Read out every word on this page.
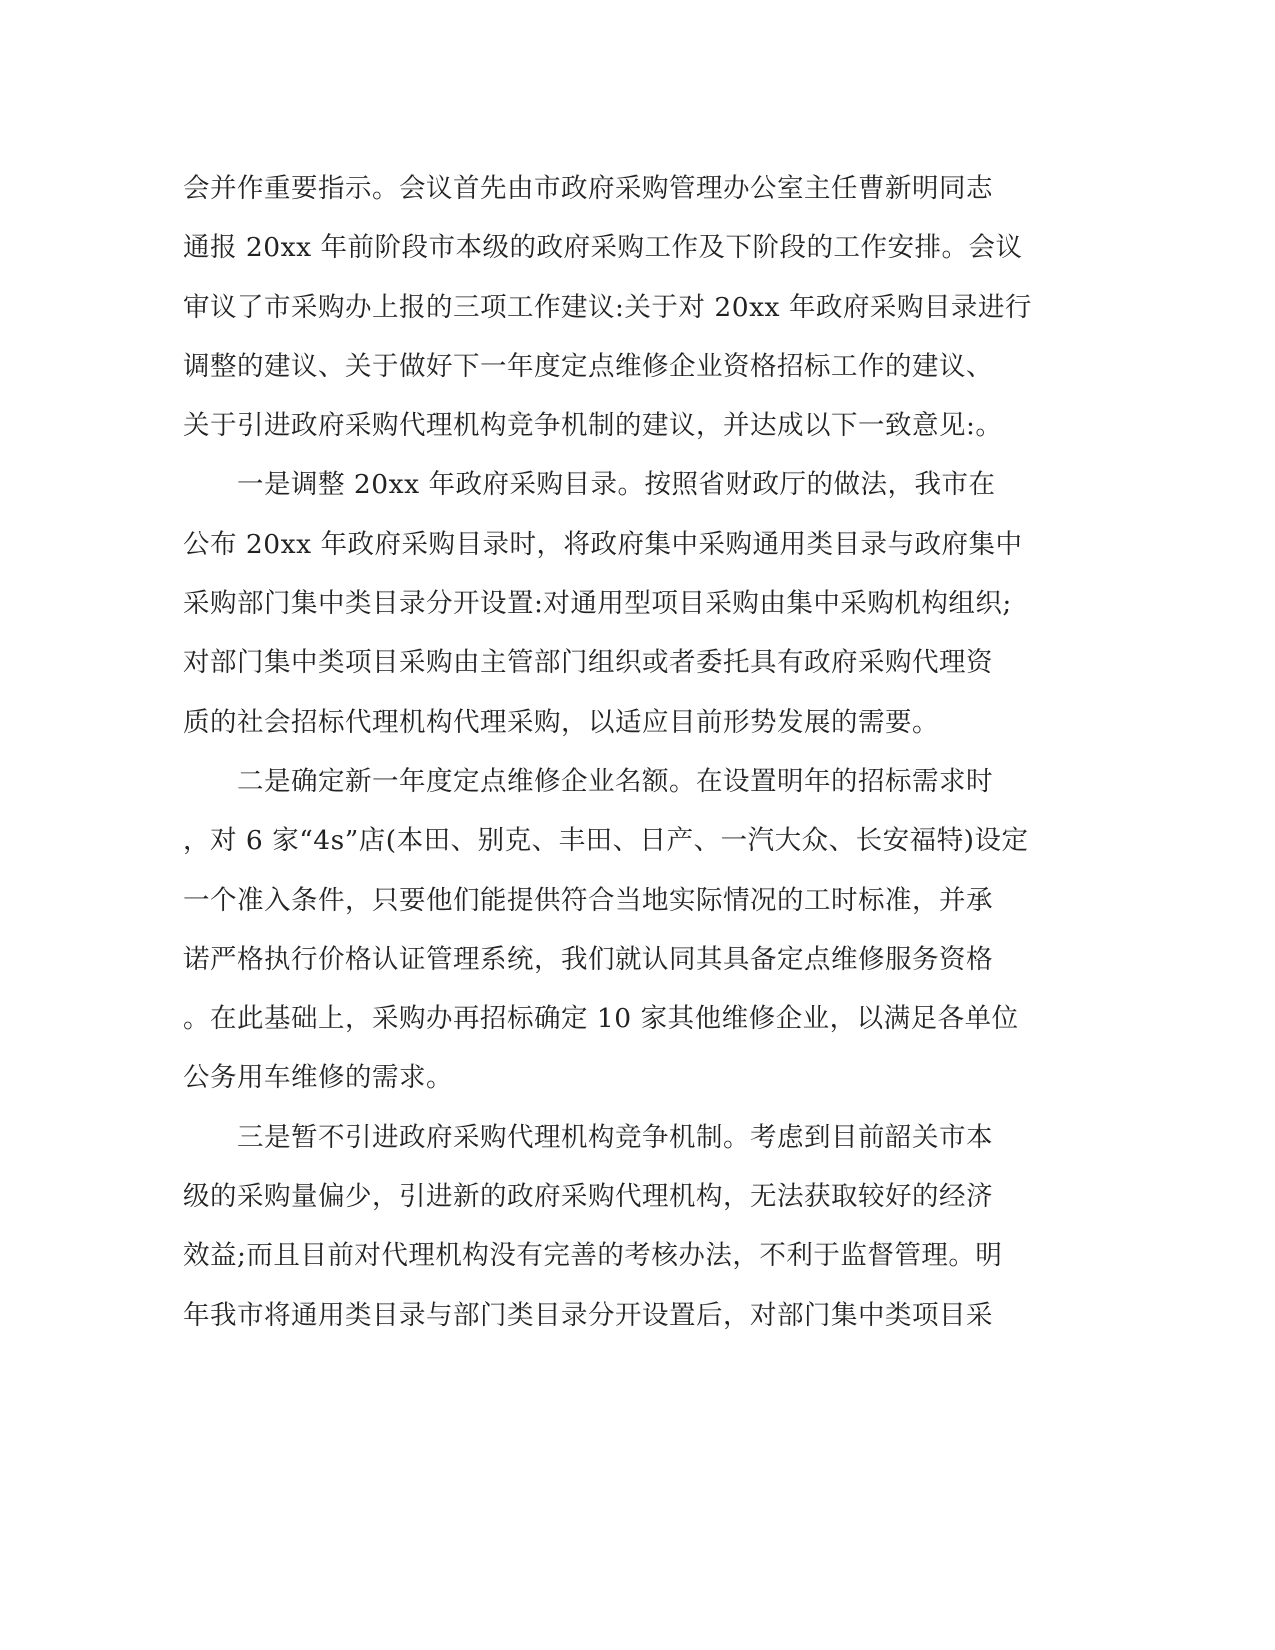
会并作重要指示。会议首先由市政府采购管理办公室主任曹新明同志
通报 20xx 年前阶段市本级的政府采购工作及下阶段的工作安排。会议
审议了市采购办上报的三项工作建议:关于对 20xx 年政府采购目录进行
调整的建议、关于做好下一年度定点维修企业资格招标工作的建议、
关于引进政府采购代理机构竞争机制的建议，并达成以下一致意见:。
　　一是调整 20xx 年政府采购目录。按照省财政厅的做法，我市在
公布 20xx 年政府采购目录时，将政府集中采购通用类目录与政府集中
采购部门集中类目录分开设置:对通用型项目采购由集中采购机构组织;
对部门集中类项目采购由主管部门组织或者委托具有政府采购代理资
质的社会招标代理机构代理采购，以适应目前形势发展的需要。
　　二是确定新一年度定点维修企业名额。在设置明年的招标需求时
，对 6 家“4s”店(本田、别克、丰田、日产、一汽大众、长安福特)设定
一个准入条件，只要他们能提供符合当地实际情况的工时标准，并承
诺严格执行价格认证管理系统，我们就认同其具备定点维修服务资格
。在此基础上，采购办再招标确定 10 家其他维修企业，以满足各单位
公务用车维修的需求。
　　三是暂不引进政府采购代理机构竞争机制。考虑到目前韶关市本
级的采购量偏少，引进新的政府采购代理机构，无法获取较好的经济
效益;而且目前对代理机构没有完善的考核办法，不利于监督管理。明
年我市将通用类目录与部门类目录分开设置后，对部门集中类项目采
